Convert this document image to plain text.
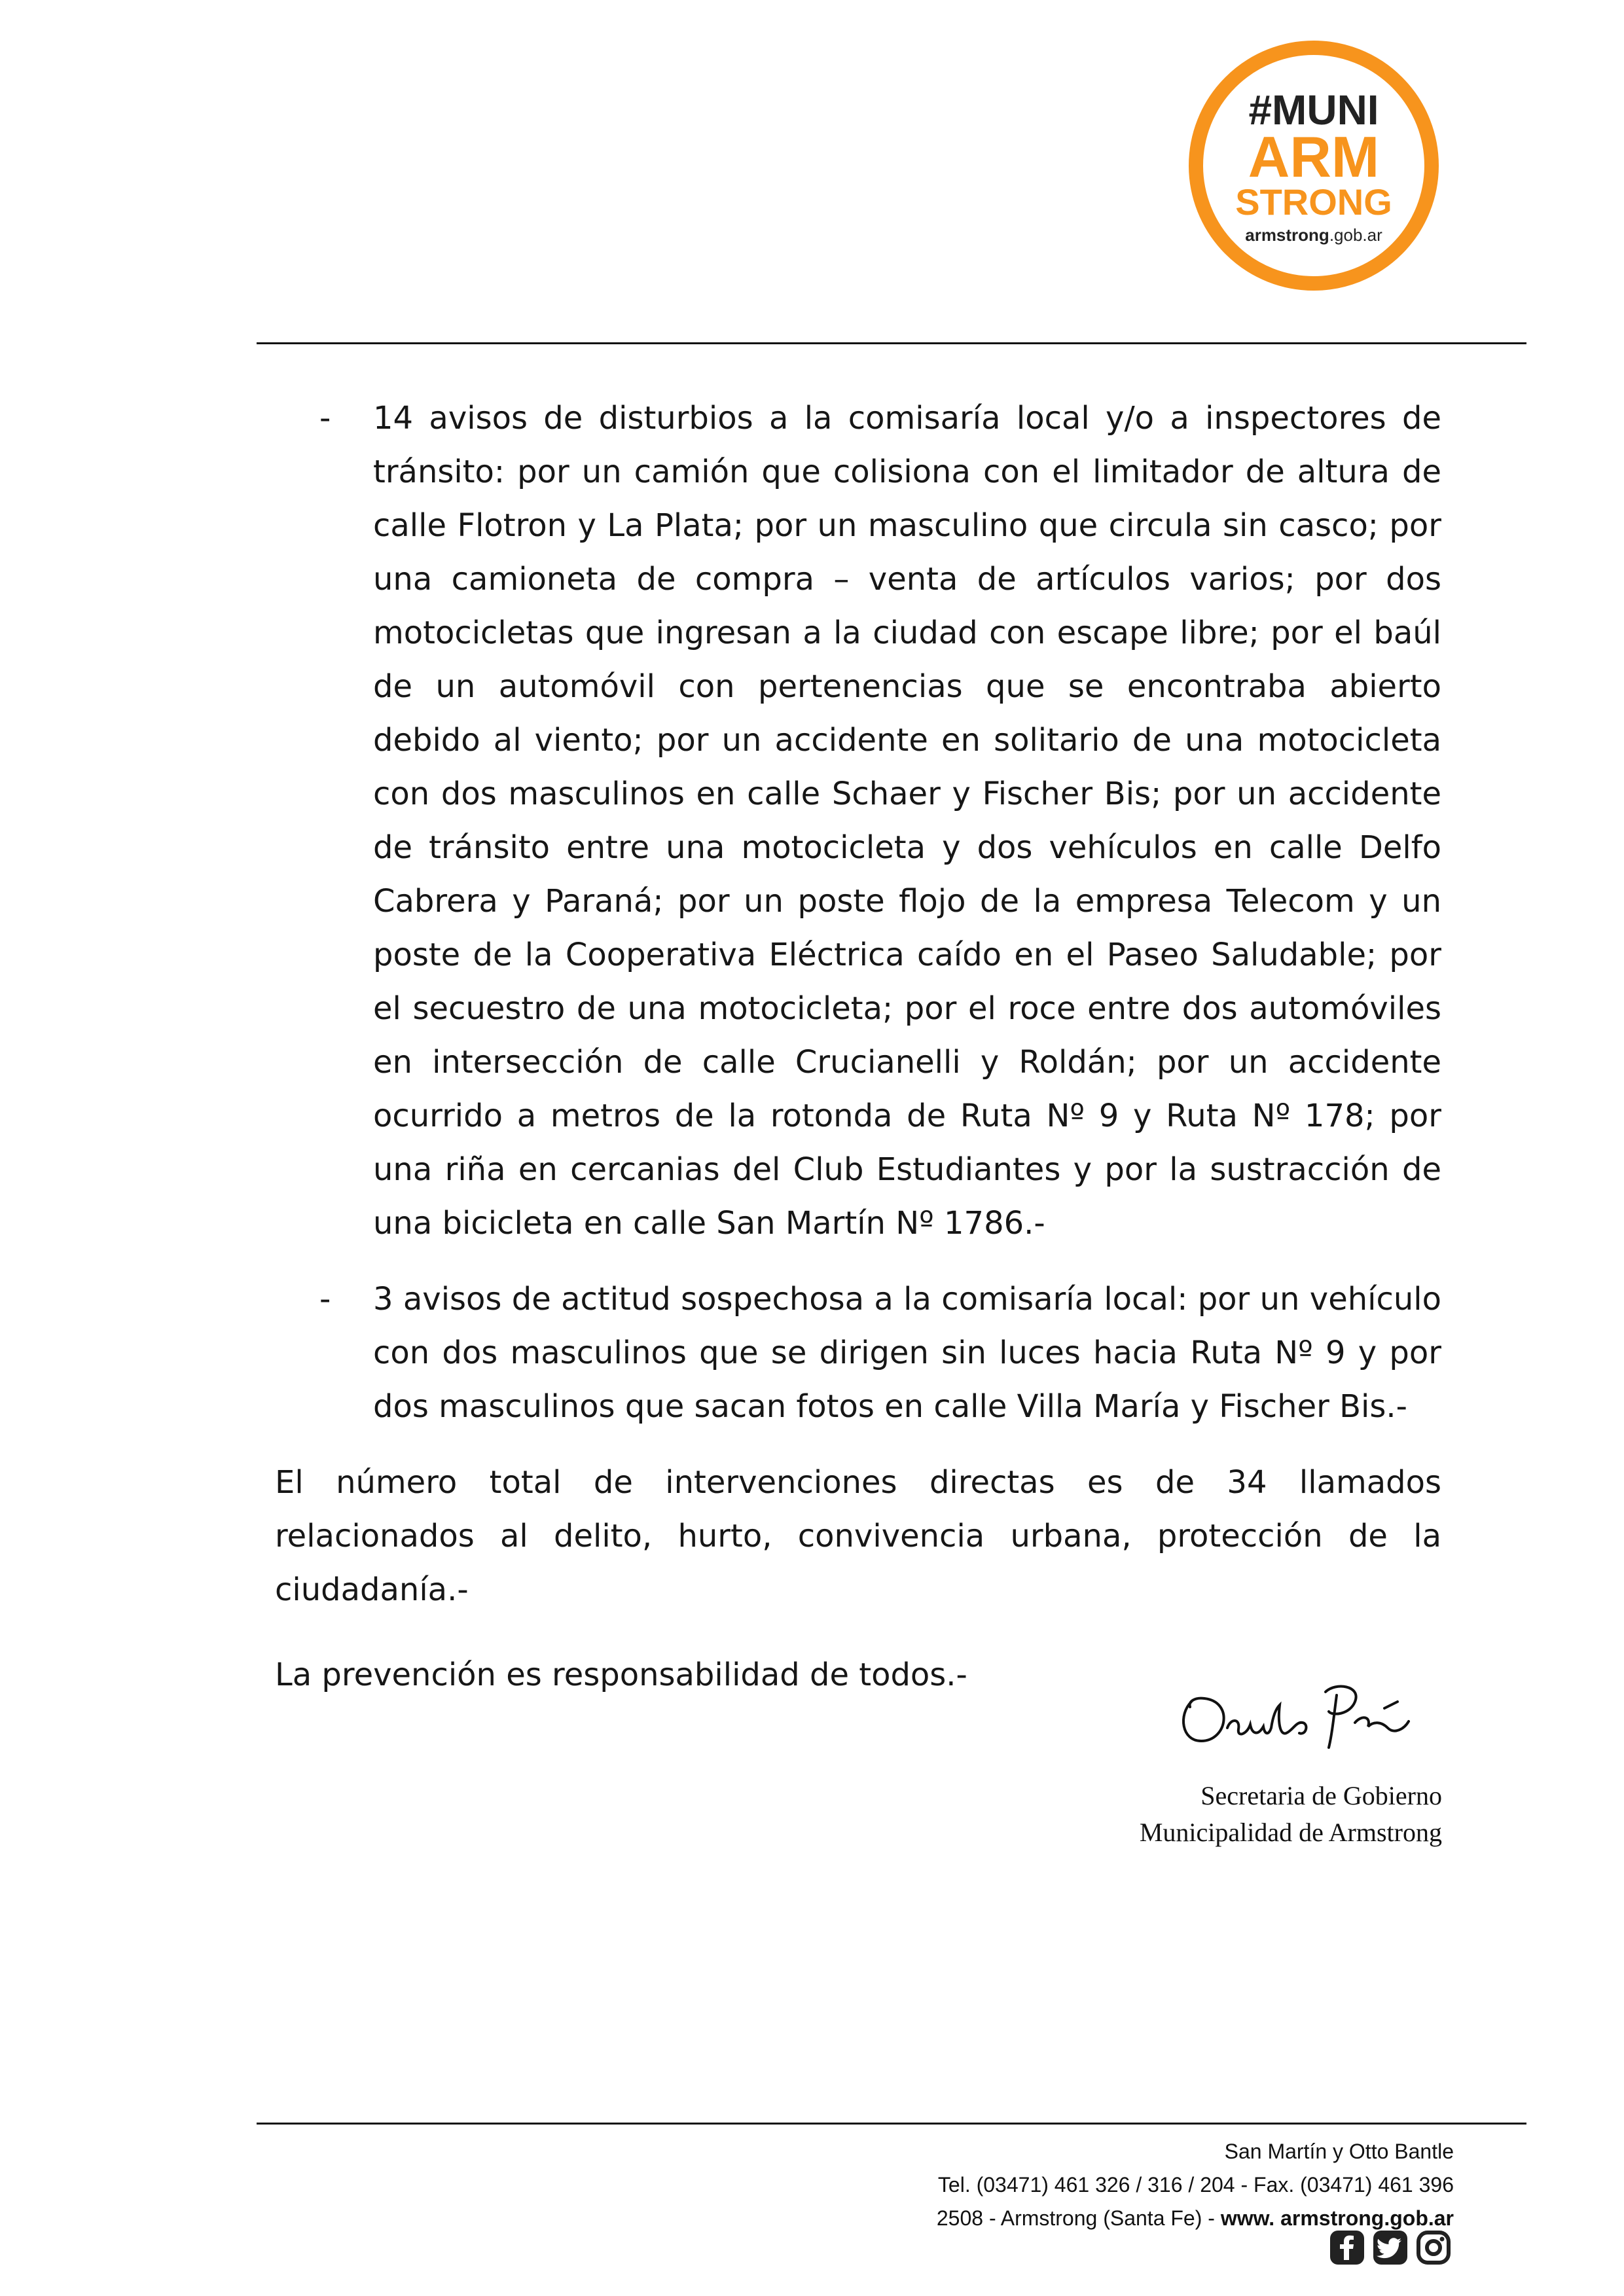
#MUNI
ARM
STRONG
armstrong.gob.ar
- 14 avisos de disturbios a la comisaría local y/o a inspectores de tránsito: por un camión que colisiona con el limitador de altura de calle Flotron y La Plata; por un masculino que circula sin casco; por una camioneta de compra – venta de artículos varios; por dos motocicletas que ingresan a la ciudad con escape libre; por el baúl de un automóvil con pertenencias que se encontraba abierto debido al viento; por un accidente en solitario de una motocicleta con dos masculinos en calle Schaer y Fischer Bis; por un accidente de tránsito entre una motocicleta y dos vehículos en calle Delfo Cabrera y Paraná; por un poste flojo de la empresa Telecom y un poste de la Cooperativa Eléctrica caído en el Paseo Saludable; por el secuestro de una motocicleta; por el roce entre dos automóviles en intersección de calle Crucianelli y Roldán; por un accidente ocurrido a metros de la rotonda de Ruta Nº 9 y Ruta Nº 178; por una riña en cercanias del Club Estudiantes y por la sustracción de una bicicleta en calle San Martín Nº 1786.-
- 3 avisos de actitud sospechosa a la comisaría local: por un vehículo con dos masculinos que se dirigen sin luces hacia Ruta Nº 9 y por dos masculinos que sacan fotos en calle Villa María y Fischer Bis.-

El número total de intervenciones directas es de 34 llamados relacionados al delito, hurto, convivencia urbana, protección de la ciudadanía.-

La prevención es responsabilidad de todos.-

Secretaria de Gobierno
Municipalidad de Armstrong
San Martín y Otto Bantle
Tel. (03471) 461 326 / 316 / 204 - Fax. (03471) 461 396
2508 - Armstrong (Santa Fe) - www. armstrong.gob.ar
